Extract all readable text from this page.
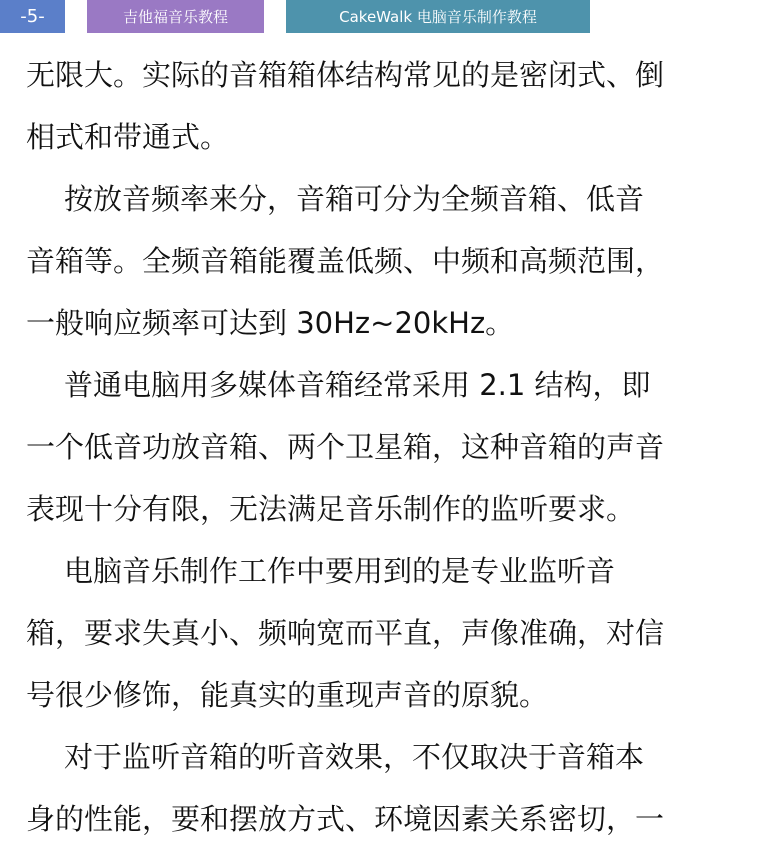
-5-	吉他福音乐教程	CakeWalk 电脑音乐制作教程
无限大。实际的音箱箱体结构常见的是密闭式、倒
相式和带通式。
按放音频率来分，音箱可分为全频音箱、低音
音箱等。全频音箱能覆盖低频、中频和高频范围，
一般响应频率可达到 30Hz~20kHz。
普通电脑用多媒体音箱经常采用 2.1 结构，即
一个低音功放音箱、两个卫星箱，这种音箱的声音
表现十分有限，无法满足音乐制作的监听要求。
电脑音乐制作工作中要用到的是专业监听音
箱，要求失真小、频响宽而平直，声像准确，对信
号很少修饰，能真实的重现声音的原貌。
对于监听音箱的听音效果，不仅取决于音箱本
身的性能，要和摆放方式、环境因素关系密切，一
